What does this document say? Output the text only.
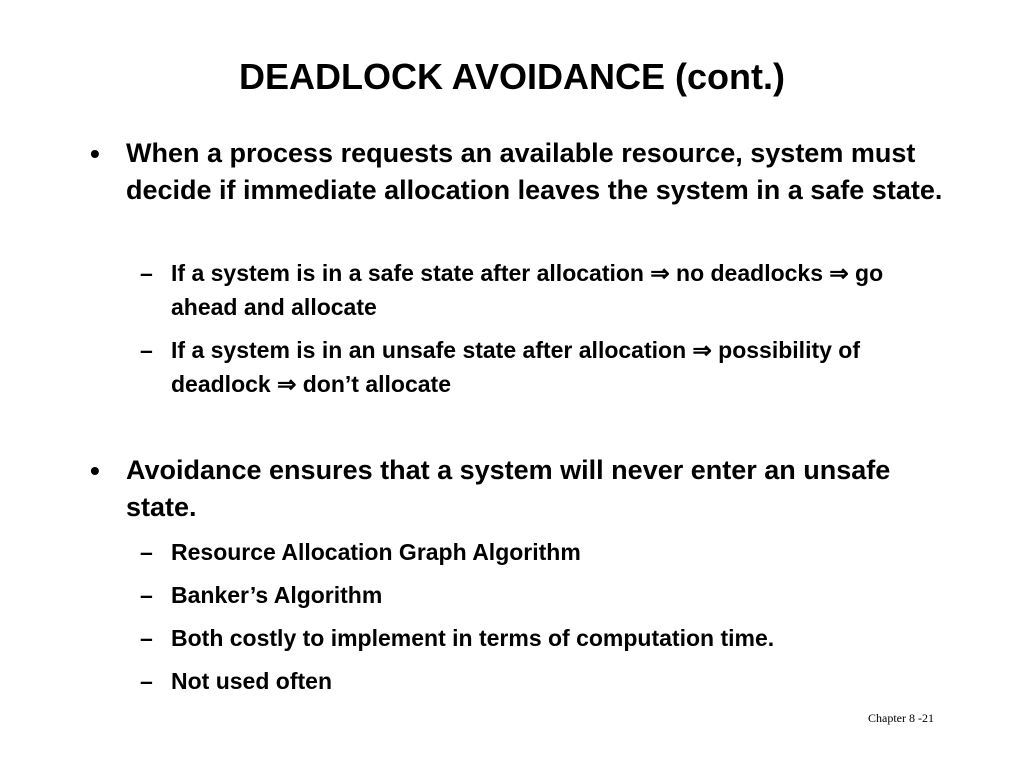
DEADLOCK AVOIDANCE (cont.)
• When a process requests an available resource, system must decide if immediate allocation leaves the system in a safe state.
– If a system is in a safe state after allocation ⇒ no deadlocks ⇒ go ahead and allocate
– If a system is in an unsafe state after allocation ⇒ possibility of deadlock ⇒ don’t allocate
• Avoidance ensures that a system will never enter an unsafe state.
– Resource Allocation Graph Algorithm
– Banker’s Algorithm
– Both costly to implement in terms of computation time.
– Not used often
Chapter 8 -21
